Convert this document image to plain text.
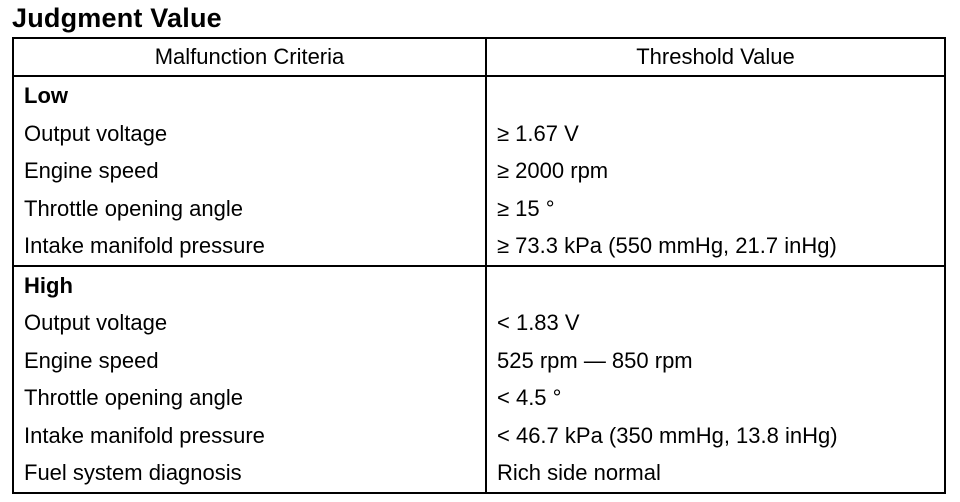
Judgment Value
Malfunction Criteria	Threshold Value
Low	
Output voltage	≥ 1.67 V
Engine speed	≥ 2000 rpm
Throttle opening angle	≥ 15 °
Intake manifold pressure	≥ 73.3 kPa (550 mmHg, 21.7 inHg)
High	
Output voltage	< 1.83 V
Engine speed	525 rpm — 850 rpm
Throttle opening angle	< 4.5 °
Intake manifold pressure	< 46.7 kPa (350 mmHg, 13.8 inHg)
Fuel system diagnosis	Rich side normal
